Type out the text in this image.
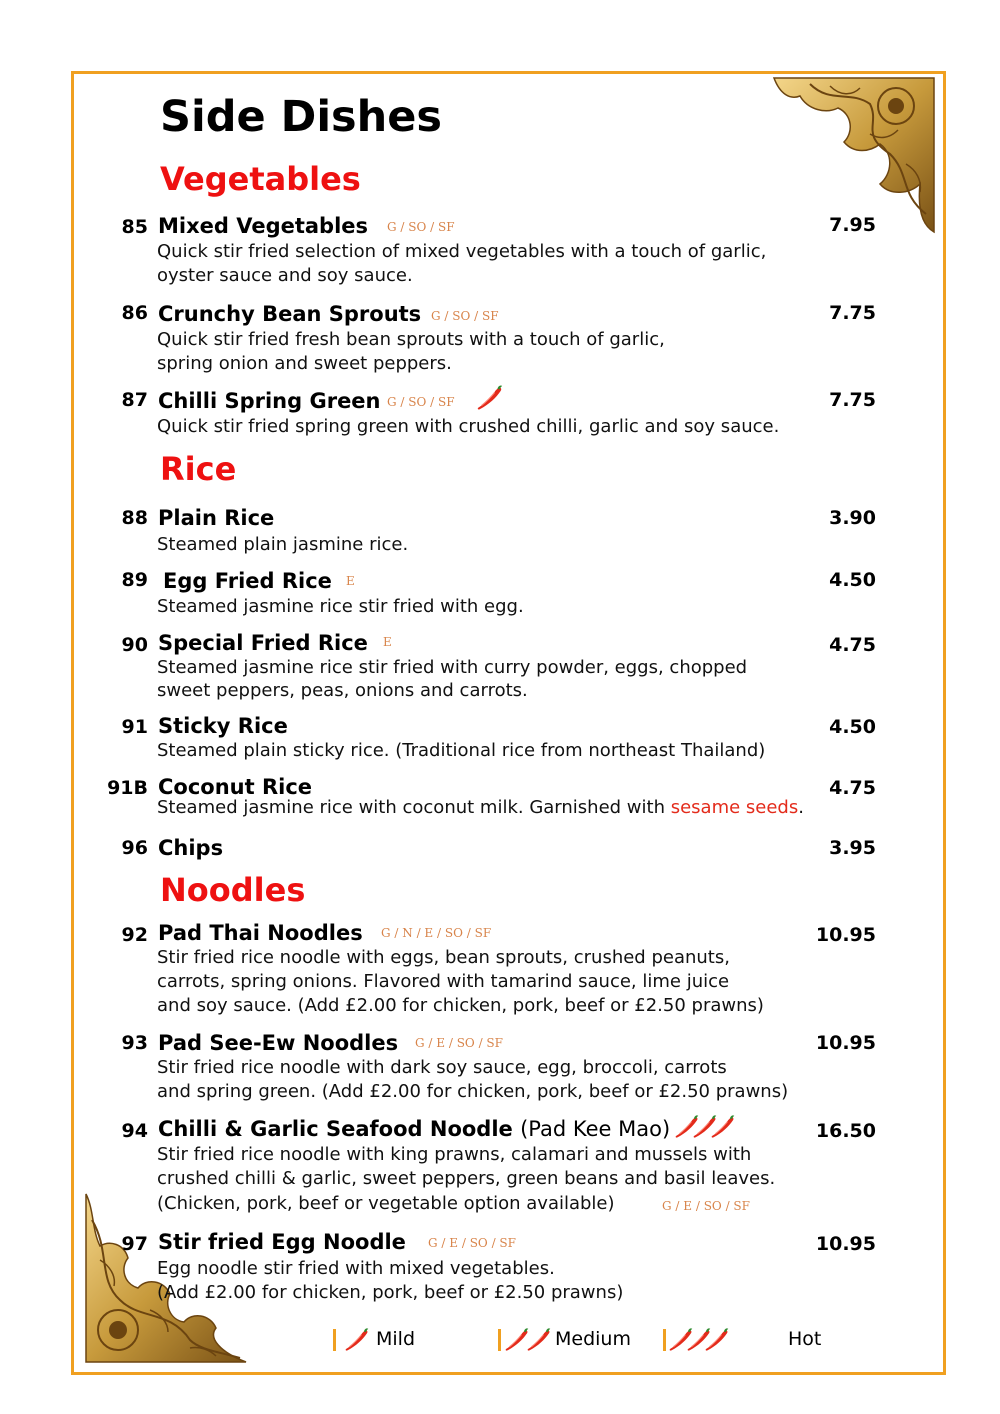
Side Dishes
Vegetables
85 Mixed Vegetables G / SO / SF	7.95
Quick stir fried selection of mixed vegetables with a touch of garlic,
oyster sauce and soy sauce.
86 Crunchy Bean Sprouts G / SO / SF	7.75
Quick stir fried fresh bean sprouts with a touch of garlic,
spring onion and sweet peppers.
87 Chilli Spring Green G / SO / SF	7.75
Quick stir fried spring green with crushed chilli, garlic and soy sauce.
Rice
88 Plain Rice	3.90
Steamed plain jasmine rice.
89 Egg Fried Rice E	4.50
Steamed jasmine rice stir fried with egg.
90 Special Fried Rice E	4.75
Steamed jasmine rice stir fried with curry powder, eggs, chopped
sweet peppers, peas, onions and carrots.
91 Sticky Rice	4.50
Steamed plain sticky rice. (Traditional rice from northeast Thailand)
91B Coconut Rice	4.75
Steamed jasmine rice with coconut milk. Garnished with sesame seeds.
96 Chips	3.95
Noodles
92 Pad Thai Noodles G / N / E / SO / SF	10.95
Stir fried rice noodle with eggs, bean sprouts, crushed peanuts,
carrots, spring onions. Flavored with tamarind sauce, lime juice
and soy sauce. (Add £2.00 for chicken, pork, beef or £2.50 prawns)
93 Pad See-Ew Noodles G / E / SO / SF	10.95
Stir fried rice noodle with dark soy sauce, egg, broccoli, carrots
and spring green. (Add £2.00 for chicken, pork, beef or £2.50 prawns)
94 Chilli & Garlic Seafood Noodle (Pad Kee Mao)	16.50
Stir fried rice noodle with king prawns, calamari and mussels with
crushed chilli & garlic, sweet peppers, green beans and basil leaves.
(Chicken, pork, beef or vegetable option available)	G / E / SO / SF
97 Stir fried Egg Noodle G / E / SO / SF	10.95
Egg noodle stir fried with mixed vegetables.
(Add £2.00 for chicken, pork, beef or £2.50 prawns)
Mild	Medium	Hot
